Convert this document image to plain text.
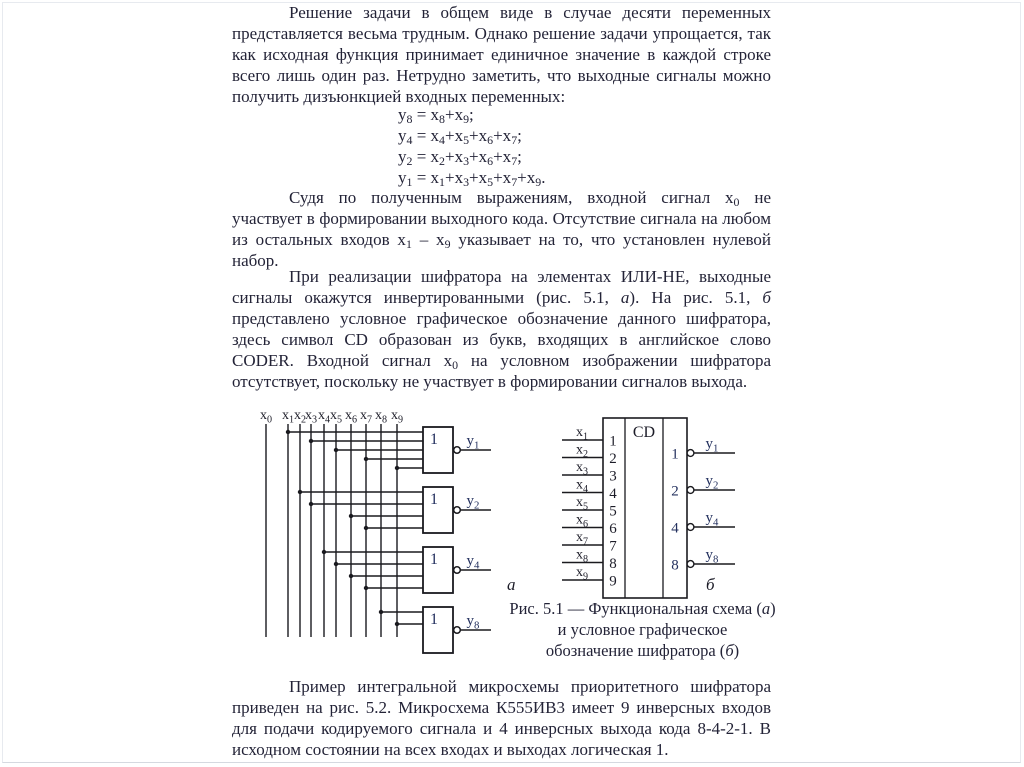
Решение задачи в общем виде в случае десяти переменных представляется весьма трудным. Однако решение задачи упрощается, так как исходная функция принимает единичное значение в каждой строке всего лишь один раз. Нетрудно заметить, что выходные сигналы можно получить дизъюнкцией входных переменных:

$y_8 = x_8+x_9$;
$y_4 = x_4+x_5+x_6+x_7$;
$y_2 = x_2+x_3+x_6+x_7$;
$y_1 = x_1+x_3+x_5+x_7+x_9$.

Судя по полученным выражениям, входной сигнал $x_0$ не участвует в формировании выходного кода. Отсутствие сигнала на любом из остальных входов $x_1 - x_9$ указывает на то, что установлен нулевой набор.

При реализации шифратора на элементах ИЛИ-НЕ, выходные сигналы окажутся инвертированными (рис. 5.1, а). На рис. 5.1, б представлено условное графическое обозначение данного шифратора, здесь символ CD образован из букв, входящих в английское слово CODER. Входной сигнал $x_0$ на условном изображении шифратора отсутствует, поскольку не участвует в формировании сигналов выхода.

$x_0$ $x_1$ $x_2$
$x_3$ $x_4$ $x_5$ $x_6$ $x_7$ $x_8$ $x_9$
1 $y_1$
1 $y_2$
1 $y_4$
1 $y_8$
а
CD
$x_1$ 1
$x_2$ 2
$x_3$ 3
$x_4$ 4
$x_5$ 5
$x_6$ 6
$x_7$ 7
$x_8$ 8
$x_9$ 9
1
$y_1$
2
$y_2$
4
$y_4$
8
$y_8$
б
Рис. 5.1 — Функциональная схема (а)
и условное графическое
обозначение шифратора (б)

Пример интегральной микросхемы приоритетного шифратора приведен на рис. 5.2. Микросхема К555ИВ3 имеет 9 инверсных входов для подачи кодируемого сигнала и 4 инверсных выхода кода 8-4-2-1. В исходном состоянии на всех входах и выходах логическая 1.
